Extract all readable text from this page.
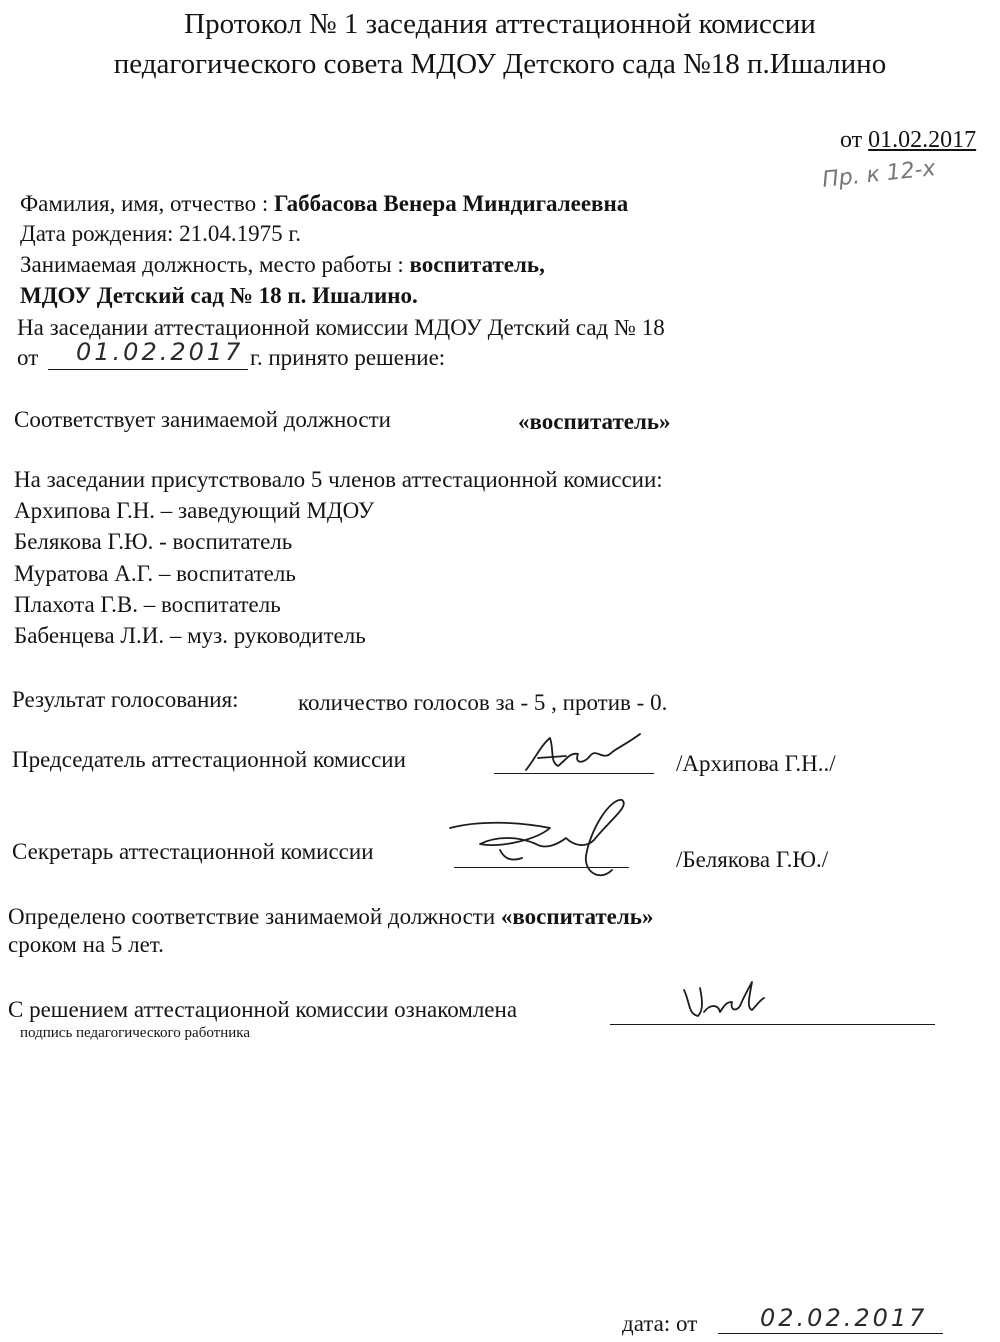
Протокол № 1 заседания аттестационной комиссии
педагогического совета МДОУ Детского сада №18 п.Ишалино
от 01.02.2017
Пр. к 12-х
Фамилия, имя, отчество : Габбасова Венера Миндигалеевна
Дата рождения: 21.04.1975 г.
Занимаемая должность, место работы : воспитатель,
МДОУ Детский сад № 18 п. Ишалино.
На заседании аттестационной комиссии МДОУ Детский сад № 18
от 01.02.2017 г. принято решение:
Соответствует занимаемой должности	«воспитатель»
На заседании присутствовало 5 членов аттестационной комиссии:
Архипова Г.Н. – заведующий МДОУ
Белякова Г.Ю. - воспитатель
Муратова А.Г. – воспитатель
Плахота Г.В. – воспитатель
Бабенцева Л.И. – муз. руководитель
Результат голосования:	количество голосов за - 5 , против - 0.
Председатель аттестационной комиссии	/Архипова Г.Н../
Секретарь аттестационной комиссии	/Белякова Г.Ю./
Определено соответствие занимаемой должности «воспитатель»
сроком на 5 лет.
С решением аттестационной комиссии ознакомлена
подпись педагогического работника
дата: от	02.02.2017
